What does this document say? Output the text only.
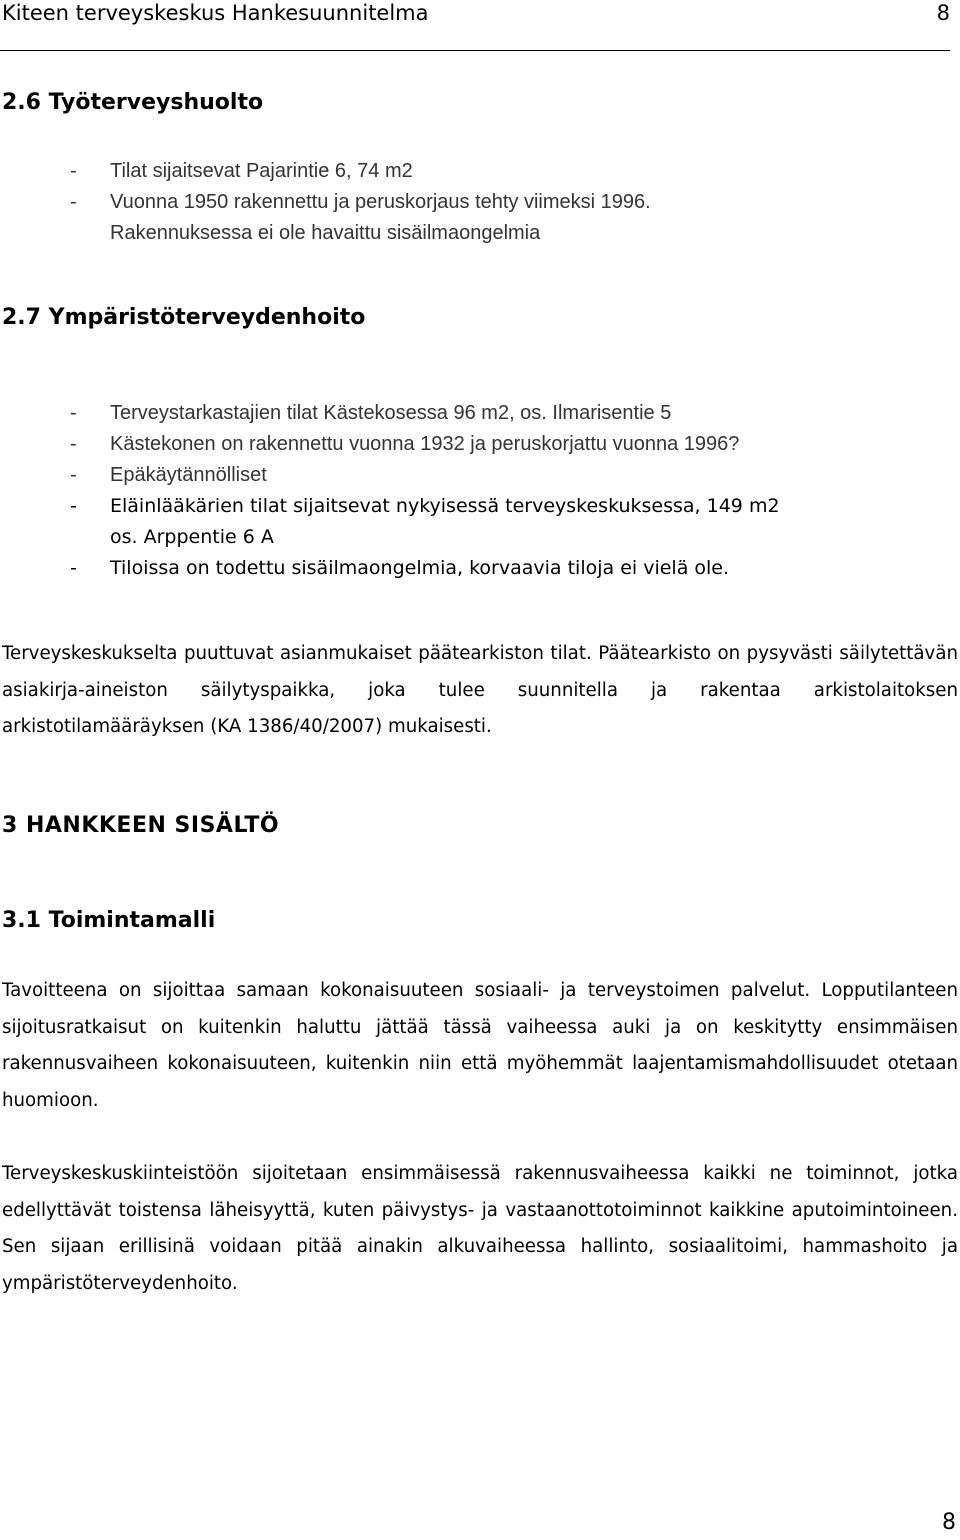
Kiteen terveyskeskus Hankesuunnitelma	8
2.6 Työterveyshuolto
- Tilat sijaitsevat Pajarintie 6, 74 m2
- Vuonna 1950 rakennettu ja peruskorjaus tehty viimeksi 1996.
Rakennuksessa ei ole havaittu sisäilmaongelmia
2.7 Ympäristöterveydenhoito
- Terveystarkastajien tilat Kästekosessa 96 m2, os. Ilmarisentie 5
- Kästekonen on rakennettu vuonna 1932 ja peruskorjattu vuonna 1996?
- Epäkäytännölliset
- Eläinlääkärien tilat sijaitsevat nykyisessä terveyskeskuksessa, 149 m2
os. Arppentie 6 A
- Tiloissa on todettu sisäilmaongelmia, korvaavia tiloja ei vielä ole.
Terveyskeskukselta puuttuvat asianmukaiset päätearkiston tilat. Päätearkisto on pysyvästi säilytettävän asiakirja-aineiston säilytyspaikka, joka tulee suunnitella ja rakentaa arkistolaitoksen arkistotilamääräyksen (KA 1386/40/2007) mukaisesti.
3 HANKKEEN SISÄLTÖ
3.1 Toimintamalli
Tavoitteena on sijoittaa samaan kokonaisuuteen sosiaali- ja terveystoimen palvelut. Lopputilanteen sijoitusratkaisut on kuitenkin haluttu jättää tässä vaiheessa auki ja on keskitytty ensimmäisen rakennusvaiheen kokonaisuuteen, kuitenkin niin että myöhemmät laajentamismahdollisuudet otetaan huomioon.
Terveyskeskuskiinteistöön sijoitetaan ensimmäisessä rakennusvaiheessa kaikki ne toiminnot, jotka edellyttävät toistensa läheisyyttä, kuten päivystys- ja vastaanottotoiminnot kaikkine aputoimintoineen. Sen sijaan erillisinä voidaan pitää ainakin alkuvaiheessa hallinto, sosiaalitoimi, hammashoito ja ympäristöterveydenhoito.
8
